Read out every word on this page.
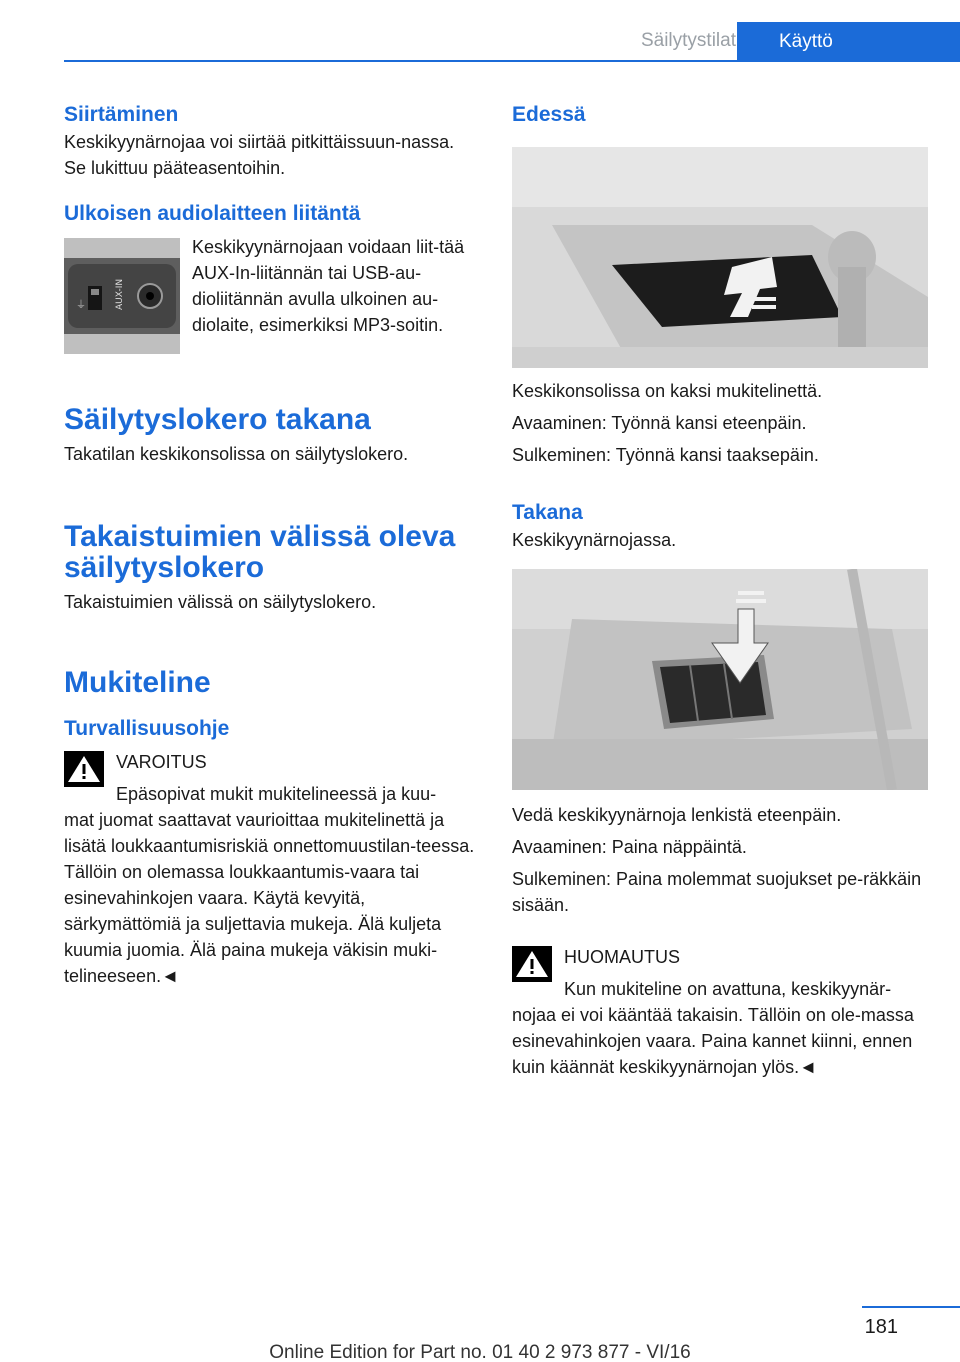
Säilytystilat	Käyttö
Siirtäminen
Keskikyynärnojaa voi siirtää pitkittäissuun-nassa. Se lukittuu pääteasentoihin.
Ulkoisen audiolaitteen liitäntä
⏚	AUX-IN
Keskikyynärnojaan voidaan liit-tää AUX-In-liitännän tai USB-au-dioliitännän avulla ulkoinen au-diolaite, esimerkiksi MP3-soitin.
Säilytyslokero takana
Takatilan keskikonsolissa on säilytyslokero.
Takaistuimien välissä oleva säilytyslokero
Takaistuimien välissä on säilytyslokero.
Mukiteline
Turvallisuusohje
VAROITUS
Epäsopivat mukit mukitelineessä ja kuu-
mat juomat saattavat vaurioittaa mukitelinettä ja lisätä loukkaantumisriskiä onnettomuustilan-teessa. Tällöin on olemassa loukkaantumis-vaara tai esinevahinkojen vaara. Käytä kevyitä, särkymättömiä ja suljettavia mukeja. Älä kuljeta kuumia juomia. Älä paina mukeja väkisin muki-telineeseen.◄
Edessä
Keskikonsolissa on kaksi mukitelinettä.
Avaaminen: Työnnä kansi eteenpäin.
Sulkeminen: Työnnä kansi taaksepäin.
Takana
Keskikyynärnojassa.
Vedä keskikyynärnoja lenkistä eteenpäin.
Avaaminen: Paina näppäintä.
Sulkeminen: Paina molemmat suojukset pe-räkkäin sisään.
HUOMAUTUS
Kun mukiteline on avattuna, keskikyynär-
nojaa ei voi kääntää takaisin. Tällöin on ole-massa esinevahinkojen vaara. Paina kannet kiinni, ennen kuin käännät keskikyynärnojan ylös.◄
181
Online Edition for Part no. 01 40 2 973 877 - VI/16
